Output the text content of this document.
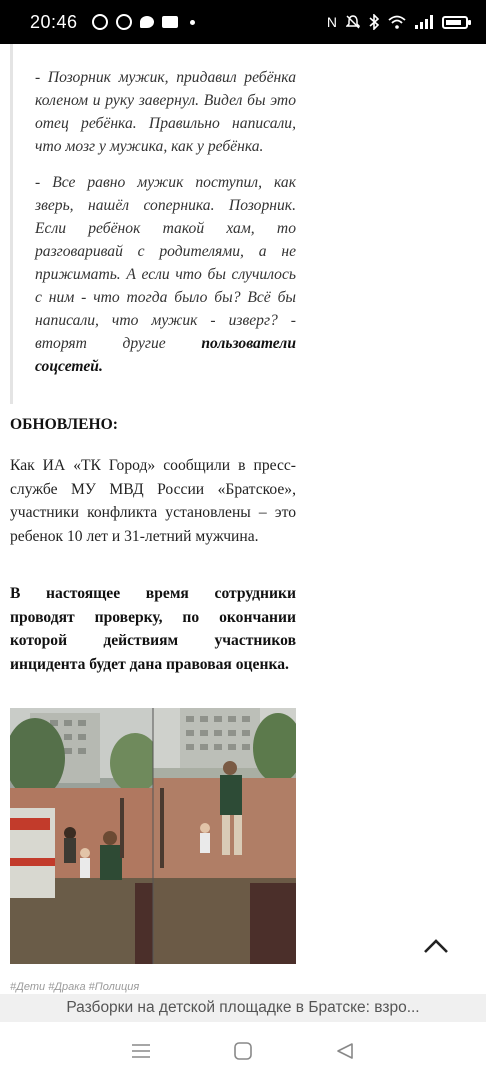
20:46	N

- Позорник мужик, придавил ребёнка коленом и руку завернул. Видел бы это отец ребёнка. Правильно написали, что мозг у мужика, как у ребёнка.

- Все равно мужик поступил, как зверь, нашёл соперника. Позорник. Если ребёнок такой хам, то разговаривай с родителями, а не прижимать. А если что бы случилось с ним - что тогда было бы? Всё бы написали, что мужик - изверг? - вторят другие пользователи соцсетей.

ОБНОВЛЕНО:

Как ИА «ТК Город» сообщили в пресс-службе МУ МВД России «Братское», участники конфликта установлены – это ребенок 10 лет и 31-летний мужчина.

В настоящее время сотрудники проводят проверку, по окончании которой действиям участников инцидента будет дана правовая оценка.

#Дети #Драка #Полиция
Разборки на детской площадке в Братске: взро...
